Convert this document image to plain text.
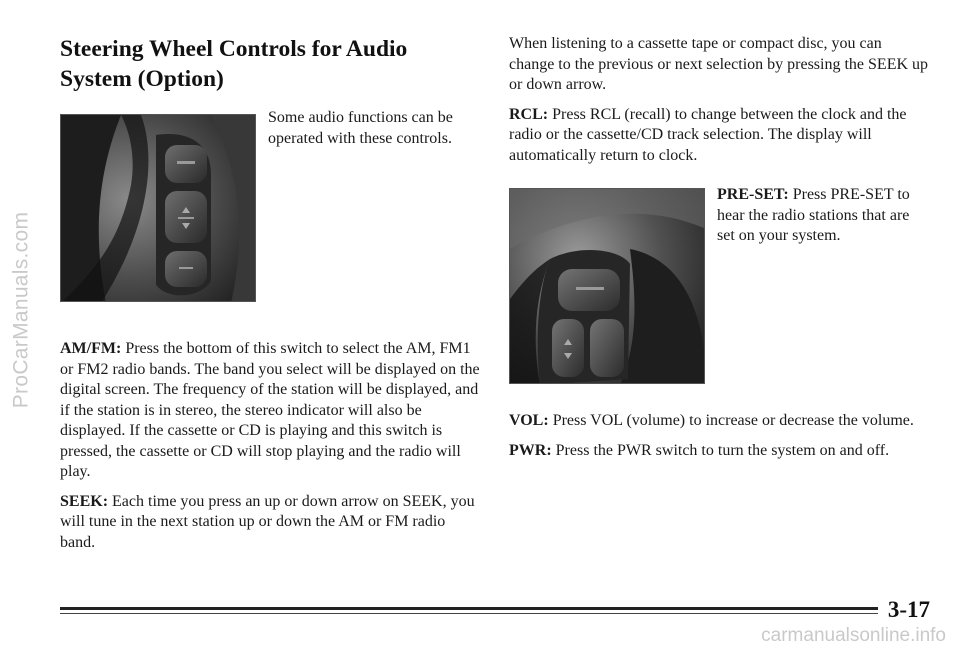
ProCarManuals.com
Steering Wheel Controls for Audio System (Option)

Some audio functions can be operated with these controls.

AM/FM: Press the bottom of this switch to select the AM, FM1 or FM2 radio bands. The band you select will be displayed on the digital screen. The frequency of the station will be displayed, and if the station is in stereo, the stereo indicator will also be displayed. If the cassette or CD is playing and this switch is pressed, the cassette or CD will stop playing and the radio will play.

SEEK: Each time you press an up or down arrow on SEEK, you will tune in the next station up or down the AM or FM radio band.

When listening to a cassette tape or compact disc, you can change to the previous or next selection by pressing the SEEK up or down arrow.

RCL: Press RCL (recall) to change between the clock and the radio or the cassette/CD track selection. The display will automatically return to clock.

PRE-SET: Press PRE-SET to hear the radio stations that are set on your system.

VOL: Press VOL (volume) to increase or decrease the volume.

PWR: Press the PWR switch to turn the system on and off.

3-17
carmanualsonline.info
